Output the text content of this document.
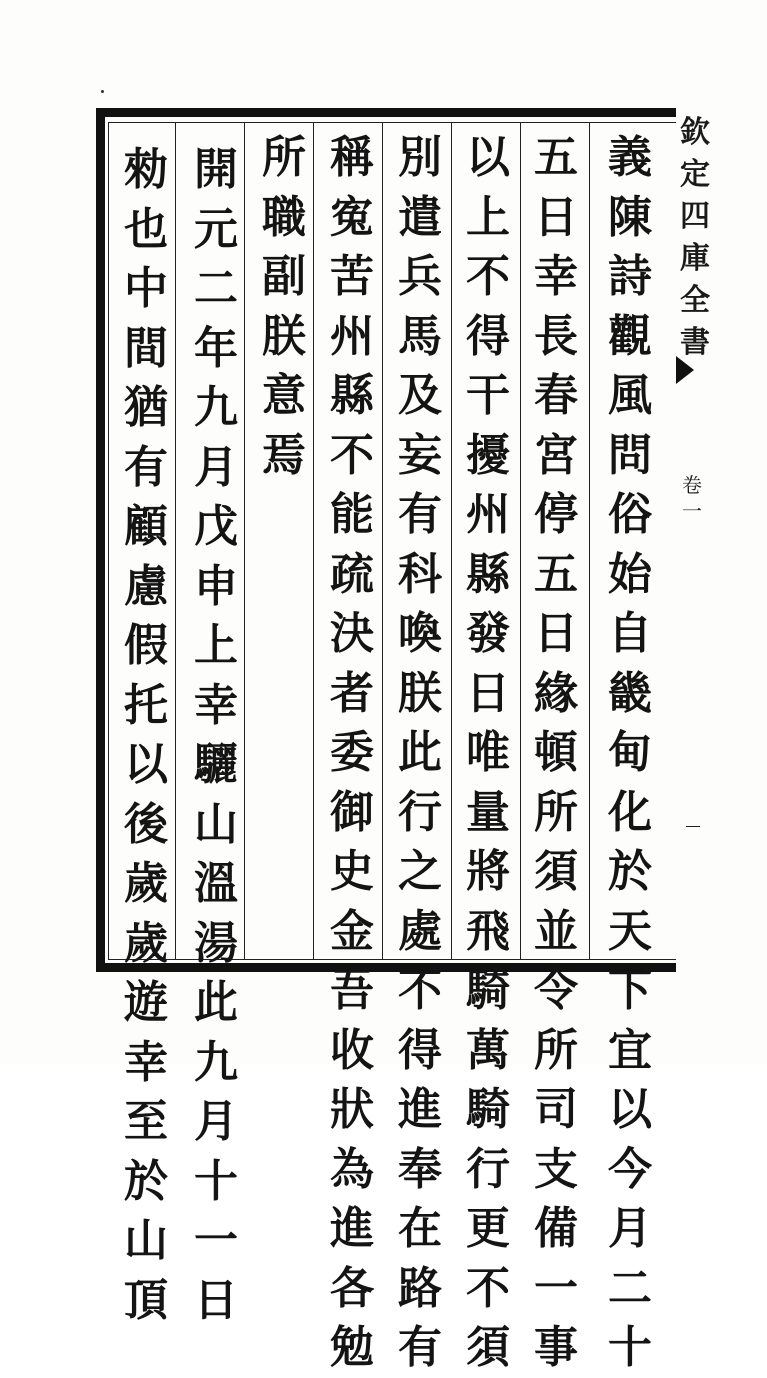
義
陳
詩
觀
風
問
俗
始
自
畿
甸
化
於
天
下
宜
以
今
月
二
十
五
日
幸
長
春
宮
停
五
日
緣
頓
所
須
並
令
所
司
支
備
一
事
以
上
不
得
干
擾
州
縣
發
日
唯
量
將
飛
騎
萬
騎
行
更
不
須
別
遣
兵
馬
及
妄
有
科
喚
朕
此
行
之
處
不
得
進
奉
在
路
有
稱
寃
苦
州
縣
不
能
疏
決
者
委
御
史
金
吾
收
狀
為
進
各
勉
所
職
副
朕
意
焉
開
元
二
年
九
月
戊
申
上
幸
驪
山
溫
湯
此
九
月
十
一
日
勑
也
中
間
猶
有
顧
慮
假
托
以
後
歲
歲
遊
幸
至
於
山
頂
欽
定
四
庫
全
書
卷
一
